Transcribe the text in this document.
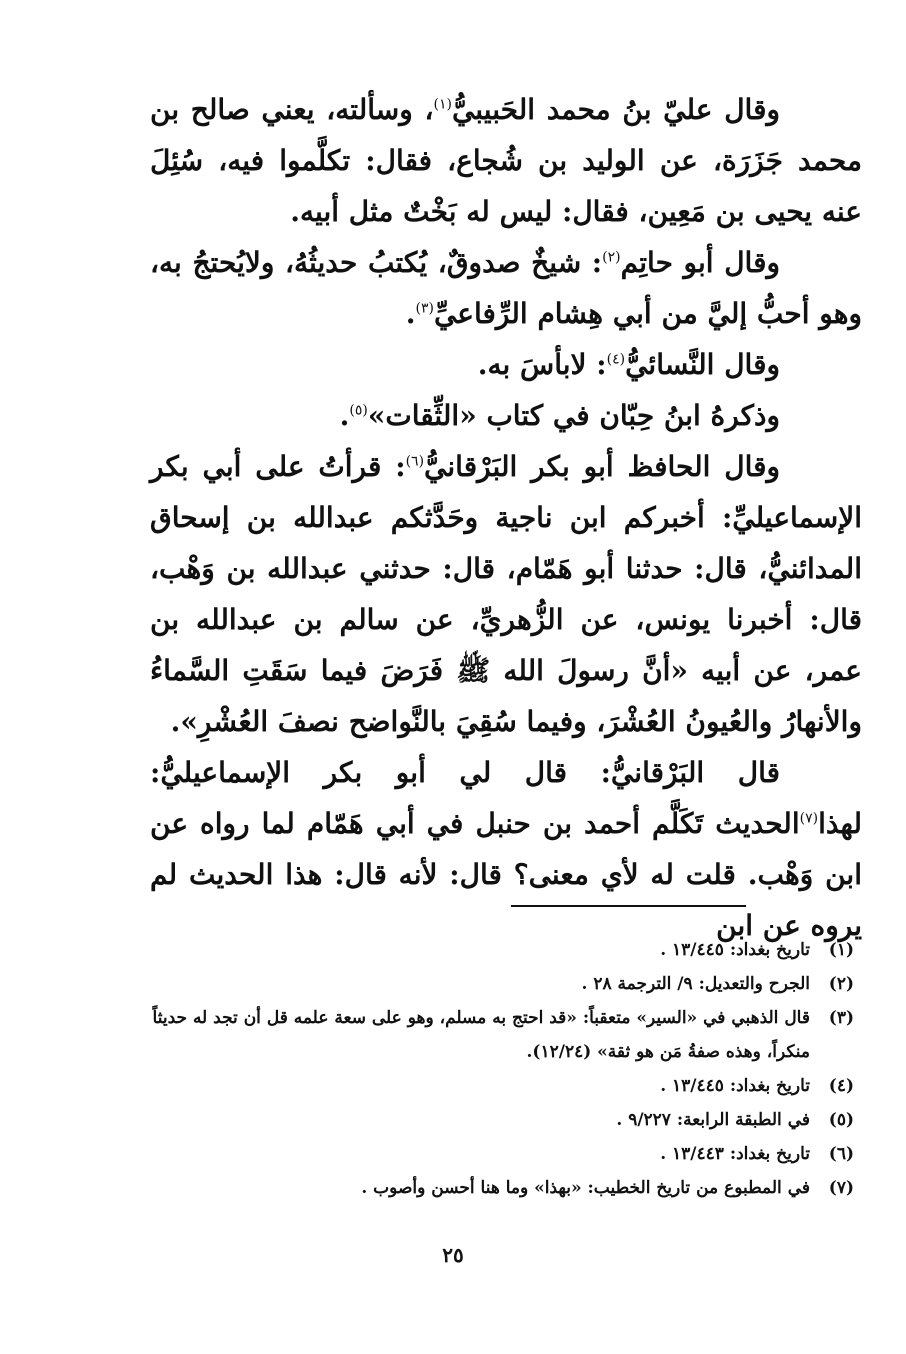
وقال عليّ بنُ محمد الحَبيبيُّ$^{(١)}$، وسألته، يعني صالح بن محمد جَزَرَة، عن الوليد بن شُجاع، فقال: تكلَّموا فيه، سُئِلَ عنه يحيى بن مَعِين، فقال: ليس له بَخْتٌ مثل أبيه.

وقال أبو حاتِم$^{(٢)}$: شيخٌ صدوقٌ، يُكتبُ حديثُهُ، ولايُحتجُ به، وهو أحبُّ إليَّ من أبي هِشام الرِّفاعيِّ$^{(٣)}$.

وقال النَّسائيُّ$^{(٤)}$: لابأسَ به.

وذكرهُ ابنُ حِبّان في كتاب «الثِّقات»$^{(٥)}$.

وقال الحافظ أبو بكر البَرْقانيُّ$^{(٦)}$: قرأتُ على أبي بكر الإسماعيليِّ: أخبركم ابن ناجية وحَدَّثكم عبدالله بن إسحاق المدائنيُّ، قال: حدثنا أبو هَمّام، قال: حدثني عبدالله بن وَهْب، قال: أخبرنا يونس، عن الزُّهريِّ، عن سالم بن عبدالله بن عمر، عن أبيه «أنَّ رسولَ الله ﷺ فَرَضَ فيما سَقَتِ السَّماءُ والأنهارُ والعُيونُ العُشْرَ، وفيما سُقِيَ بالنَّواضح نصفَ العُشْرِ».

قال البَرْقانيُّ: قال لي أبو بكر الإسماعيليُّ: لهذا$^{(٧)}$الحديث تَكَلَّم أحمد بن حنبل في أبي هَمّام لما رواه عن ابن وَهْب. قلت له لأي معنى؟ قال: لأنه قال: هذا الحديث لم يروه عن ابن

(١)
تاريخ بغداد: ١٣/٤٤٥ .

(٢)
الجرح والتعديل: ٩/ الترجمة ٢٨ .

(٣)
قال الذهبي في «السير» متعقباً: «قد احتج به مسلم، وهو على سعة علمه قل أن تجد له حديثاً منكراً، وهذه صفةُ مَن هو ثقة» (١٢/٢٤).

(٤)
تاريخ بغداد: ١٣/٤٤٥ .

(٥)
في الطبقة الرابعة: ٩/٢٢٧ .

(٦)
تاريخ بغداد: ١٣/٤٤٣ .

(٧)
في المطبوع من تاريخ الخطيب: «بهذا» وما هنا أحسن وأصوب .

٢٥
